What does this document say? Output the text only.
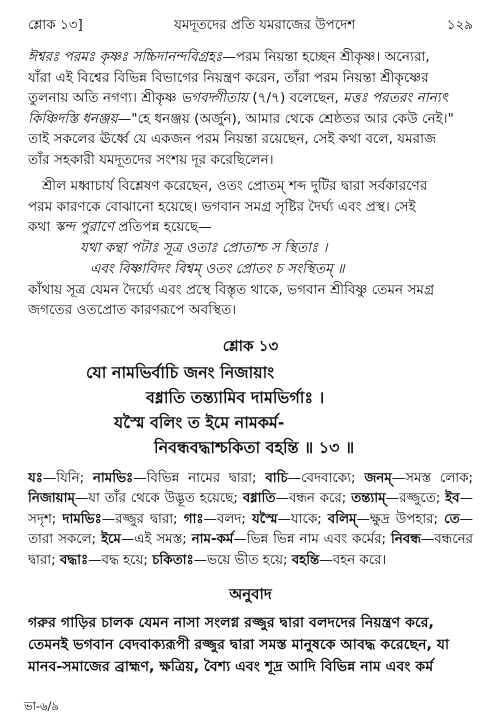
শ্লোক ১৩]	যমদূতদের প্রতি যমরাজের উপদেশ	১২৯
ঈশ্বরঃ পরমঃ কৃষ্ণঃ সচ্চিদানন্দবিগ্রহঃ—পরম নিয়ন্তা হচ্ছেন শ্রীকৃষ্ণ। অন্যেরা,
যাঁরা এই বিশ্বের বিভিন্ন বিভাগের নিয়ন্ত্রণ করেন, তাঁরা পরম নিয়ন্তা শ্রীকৃষ্ণের
তুলনায় অতি নগণ্য। শ্রীকৃষ্ণ ভগবদ্গীতায় (৭/৭) বলেছেন, মত্তঃ পরতরং নান্যৎ
কিঞ্চিদস্তি ধনঞ্জয়—"হে ধনঞ্জয় (অর্জুন), আমার থেকে শ্রেষ্ঠতর আর কেউ নেই।"
তাই সকলের ঊর্ধ্বে যে একজন পরম নিয়ন্তা রয়েছেন, সেই কথা বলে, যমরাজ
তাঁর সহকারী যমদূতদের সংশয় দূর করেছিলেন।
শ্রীল মধ্বাচার্য বিশ্লেষণ করেছেন, ওতং প্রোতম্ শব্দ দুটির দ্বারা সর্বকারণের
পরম কারণকে বোঝানো হয়েছে। ভগবান সমগ্র সৃষ্টির দৈর্ঘ্য এবং প্রস্থ। সেই
কথা স্কন্দ পুরাণে প্রতিপন্ন হয়েছে—
যথা কন্থা পটাঃ সূত্র ওতাঃ প্রোতাশ্চ স স্থিতাঃ ।
এবং বিষ্ণাবিদং বিশ্বম্ ওতং প্রোতং চ সংস্থিতম্ ॥
কাঁথায় সূত্র যেমন দৈর্ঘ্যে এবং প্রস্থে বিস্তৃত থাকে, ভগবান শ্রীবিষ্ণু তেমন সমগ্র
জগতের ওতপ্রোত কারণরূপে অবস্থিত।
শ্লোক ১৩
যো নামভির্বাচি জনং নিজায়াং
বধ্নাতি তন্ত্যামিব দামভির্গাঃ ।
যস্মৈ বলিং ত ইমে নামকর্ম-
নিবন্ধবদ্ধাশ্চকিতা বহন্তি ॥ ১৩ ॥
যঃ—যিনি; নামভিঃ—বিভিন্ন নামের দ্বারা; বাচি—বেদবাক্যে; জনম্—সমস্ত লোক; নিজায়াম্—যা তাঁর থেকে উদ্ভূত হয়েছে; বধ্নাতি—বন্ধন করে; তন্ত্যাম্—রজ্জুতে; ইব—সদৃশ; দামভিঃ—রজ্জুর দ্বারা; গাঃ—বলদ; যস্মৈ—যাকে; বলিম্—ক্ষুদ্র উপহার; তে—তারা সকলে; ইমে—এই সমস্ত; নাম-কর্ম—ভিন্ন ভিন্ন নাম এবং কর্মের; নিবন্ধ—বন্ধনের দ্বারা; বদ্ধাঃ—বদ্ধ হয়ে; চকিতাঃ—ভয়ে ভীত হয়ে; বহন্তি—বহন করে।
অনুবাদ
গরুর গাড়ির চালক যেমন নাসা সংলগ্ন রজ্জুর দ্বারা বলদদের নিয়ন্ত্রণ করে,
তেমনই ভগবান বেদবাক্যরূপী রজ্জুর দ্বারা সমস্ত মানুষকে আবদ্ধ করেছেন, যা
মানব-সমাজের ব্রাহ্মণ, ক্ষত্রিয়, বৈশ্য এবং শূদ্র আদি বিভিন্ন নাম এবং কর্ম
ভা-৬/৯
